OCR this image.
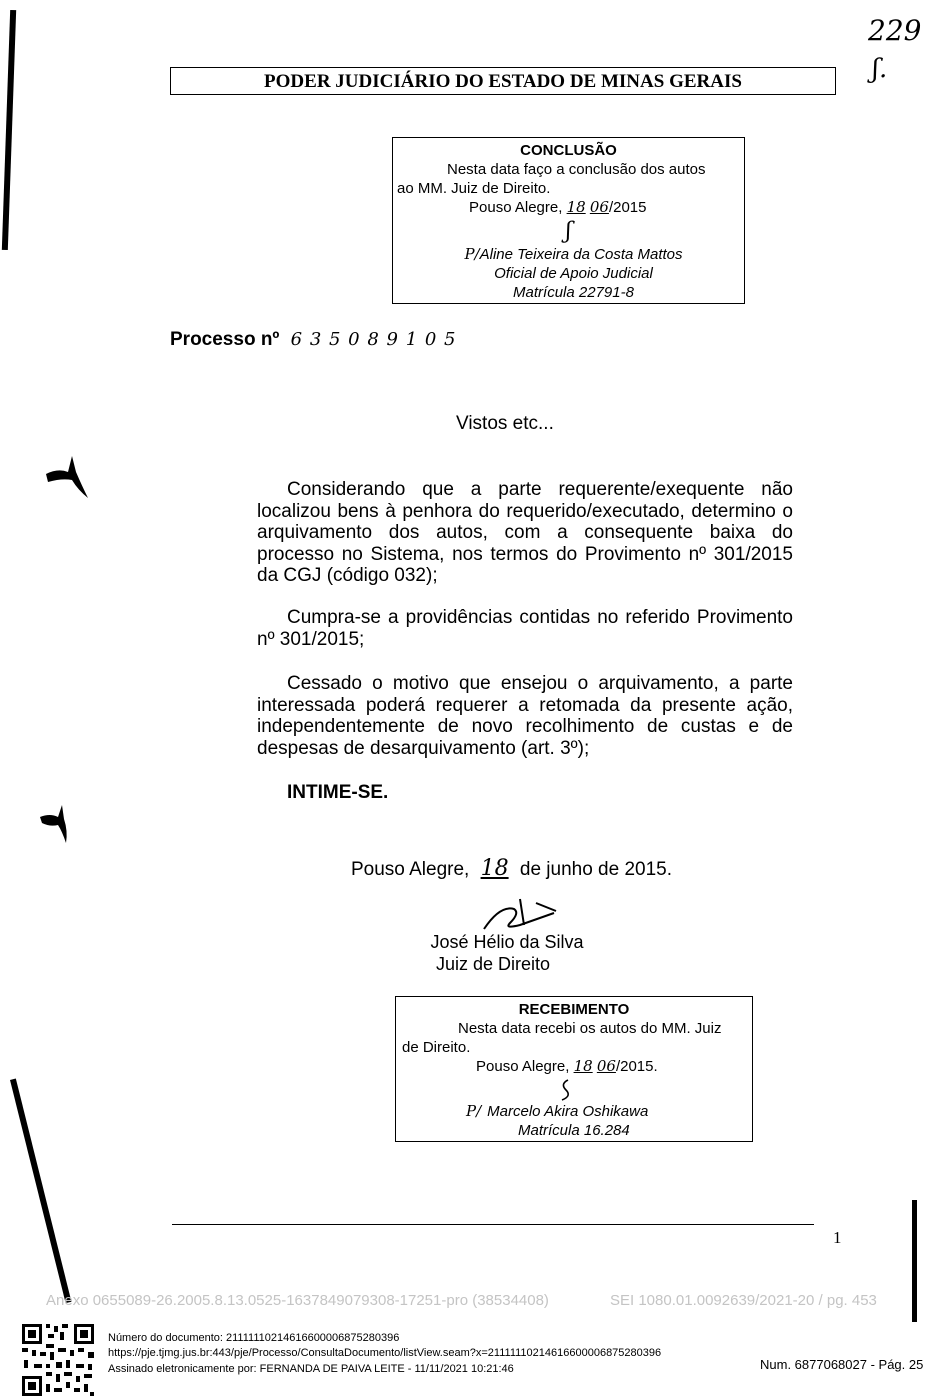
229
ʃ.
PODER JUDICIÁRIO DO ESTADO DE MINAS GERAIS
CONCLUSÃO
Nesta data faço a conclusão dos autos
ao MM. Juiz de Direito.
Pouso Alegre, 18 06/2015
ʃ
P/Aline Teixeira da Costa Mattos
Oficial de Apoio Judicial
Matrícula 22791-8
Processo nº 6 3 5 0 8 9 1 0 5
Vistos etc...
Considerando que a parte requerente/exequente não localizou bens à penhora do requerido/executado, determino o arquivamento dos autos, com a consequente baixa do processo no Sistema, nos termos do Provimento nº 301/2015 da CGJ (código 032);
Cumpra-se a providências contidas no referido Provimento nº 301/2015;
Cessado o motivo que ensejou o arquivamento, a parte interessada poderá requerer a retomada da presente ação, independentemente de novo recolhimento de custas e de despesas de desarquivamento (art. 3º);
INTIME-SE.
Pouso Alegre, 18 de junho de 2015.
José Hélio da Silva
Juiz de Direito
RECEBIMENTO
Nesta data recebi os autos do MM. Juiz
de Direito.
Pouso Alegre, 18 06/2015.
P/ Marcelo Akira Oshikawa
Matrícula 16.284
1
Anexo 0655089-26.2005.8.13.0525-1637849079308-17251-pro (38534408)	SEI 1080.01.0092639/2021-20 / pg. 453
Número do documento: 21111110214616600006875280396
https://pje.tjmg.jus.br:443/pje/Processo/ConsultaDocumento/listView.seam?x=21111110214616600006875280396
Assinado eletronicamente por: FERNANDA DE PAIVA LEITE - 11/11/2021 10:21:46	Num. 6877068027 - Pág. 25
